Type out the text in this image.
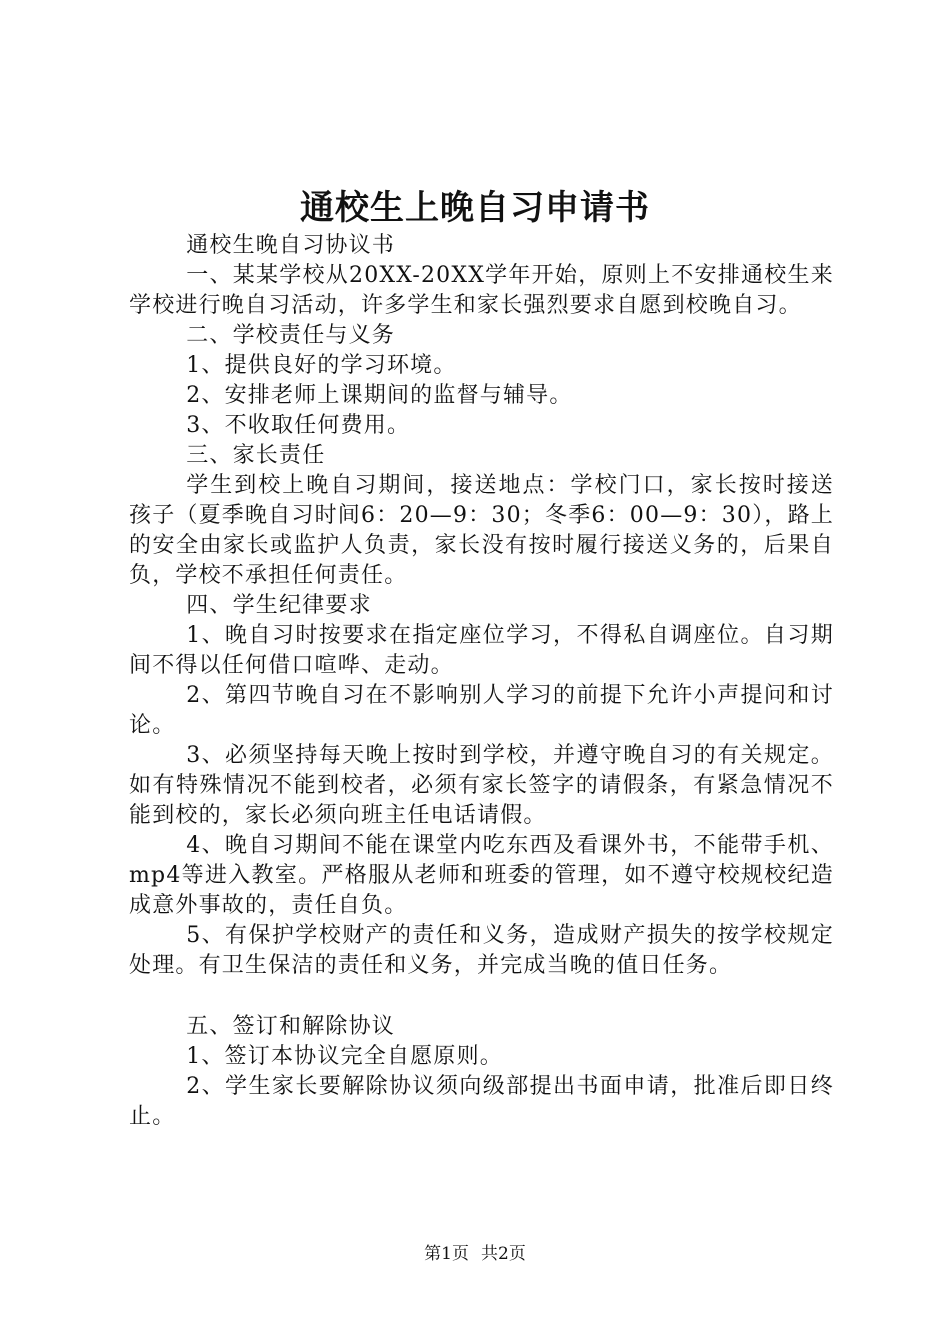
通校生上晚自习申请书

通校生晚自习协议书

一、某某学校从20XX-20XX学年开始，原则上不安排通校生来学校进行晚自习活动，许多学生和家长强烈要求自愿到校晚自习。

二、学校责任与义务

1、提供良好的学习环境。

2、安排老师上课期间的监督与辅导。

3、不收取任何费用。

三、家长责任

学生到校上晚自习期间，接送地点：学校门口，家长按时接送孩子（夏季晚自习时间6：20—9：30；冬季6：00—9：30），路上的安全由家长或监护人负责，家长没有按时履行接送义务的，后果自负，学校不承担任何责任。

四、学生纪律要求

1、晚自习时按要求在指定座位学习，不得私自调座位。自习期间不得以任何借口喧哗、走动。

2、第四节晚自习在不影响别人学习的前提下允许小声提问和讨论。

3、必须坚持每天晚上按时到学校，并遵守晚自习的有关规定。如有特殊情况不能到校者，必须有家长签字的请假条，有紧急情况不能到校的，家长必须向班主任电话请假。

4、晚自习期间不能在课堂内吃东西及看课外书，不能带手机、mp4等进入教室。严格服从老师和班委的管理，如不遵守校规校纪造成意外事故的，责任自负。

5、有保护学校财产的责任和义务，造成财产损失的按学校规定处理。有卫生保洁的责任和义务，并完成当晚的值日任务。

五、签订和解除协议

1、签订本协议完全自愿原则。

2、学生家长要解除协议须向级部提出书面申请，批准后即日终止。

第1页 共2页
